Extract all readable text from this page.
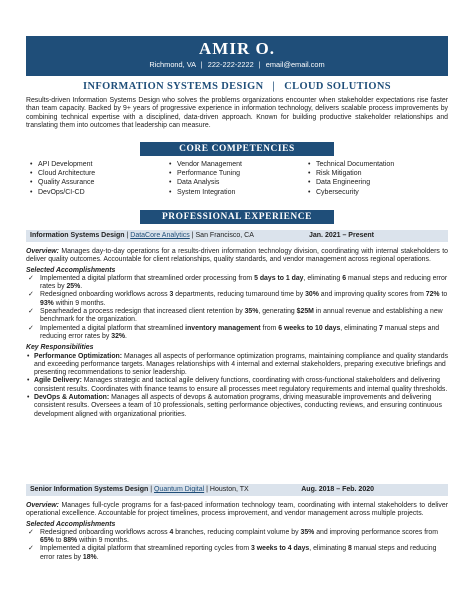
AMIR O.
Richmond, VA | 222-222-2222 | email@email.com
INFORMATION SYSTEMS DESIGN | CLOUD SOLUTIONS
Results-driven Information Systems Design who solves the problems organizations encounter when stakeholder expectations rise faster than team capacity. Backed by 9+ years of progressive experience in information technology, delivers scalable process improvements by combining technical expertise with a disciplined, data-driven approach. Known for building productive stakeholder relationships and translating them into outcomes that leadership can measure.
CORE COMPETENCIES
• API Development
• Cloud Architecture
• Quality Assurance
• DevOps/CI-CD
• Vendor Management
• Performance Tuning
• Data Analysis
• System Integration
• Technical Documentation
• Risk Mitigation
• Data Engineering
• Cybersecurity
PROFESSIONAL EXPERIENCE
Information Systems Design | DataCore Analytics | San Francisco, CA	Jan. 2021 – Present
Overview: Manages day-to-day operations for a results-driven information technology division, coordinating with internal stakeholders to deliver quality outcomes. Accountable for client relationships, quality standards, and vendor management across regional operations.
Selected Accomplishments
✓ Implemented a digital platform that streamlined order processing from 5 days to 1 day, eliminating 6 manual steps and reducing error rates by 25%.
✓ Redesigned onboarding workflows across 3 departments, reducing turnaround time by 30% and improving quality scores from 72% to 93% within 9 months.
✓ Spearheaded a process redesign that increased client retention by 35%, generating $25M in annual revenue and establishing a new benchmark for the organization.
✓ Implemented a digital platform that streamlined inventory management from 6 weeks to 10 days, eliminating 7 manual steps and reducing error rates by 32%.
Key Responsibilities
• Performance Optimization: Manages all aspects of performance optimization programs, maintaining compliance and quality standards and exceeding performance targets. Manages relationships with 4 internal and external stakeholders, preparing executive briefings and presenting recommendations to senior leadership.
• Agile Delivery: Manages strategic and tactical agile delivery functions, coordinating with cross-functional stakeholders and delivering consistent results. Coordinates with finance teams to ensure all processes meet regulatory requirements and internal quality thresholds.
• DevOps & Automation: Manages all aspects of devops & automation programs, driving measurable improvements and delivering consistent results. Oversees a team of 10 professionals, setting performance objectives, conducting reviews, and ensuring continuous development aligned with organizational priorities.
Senior Information Systems Design | Quantum Digital | Houston, TX	Aug. 2018 – Feb. 2020
Overview: Manages full-cycle programs for a fast-paced information technology team, coordinating with internal stakeholders to deliver operational excellence. Accountable for project timelines, process improvement, and vendor management across multiple projects.
Selected Accomplishments
✓ Redesigned onboarding workflows across 4 branches, reducing complaint volume by 35% and improving performance scores from 65% to 88% within 9 months.
✓ Implemented a digital platform that streamlined reporting cycles from 3 weeks to 4 days, eliminating 8 manual steps and reducing error rates by 18%.
